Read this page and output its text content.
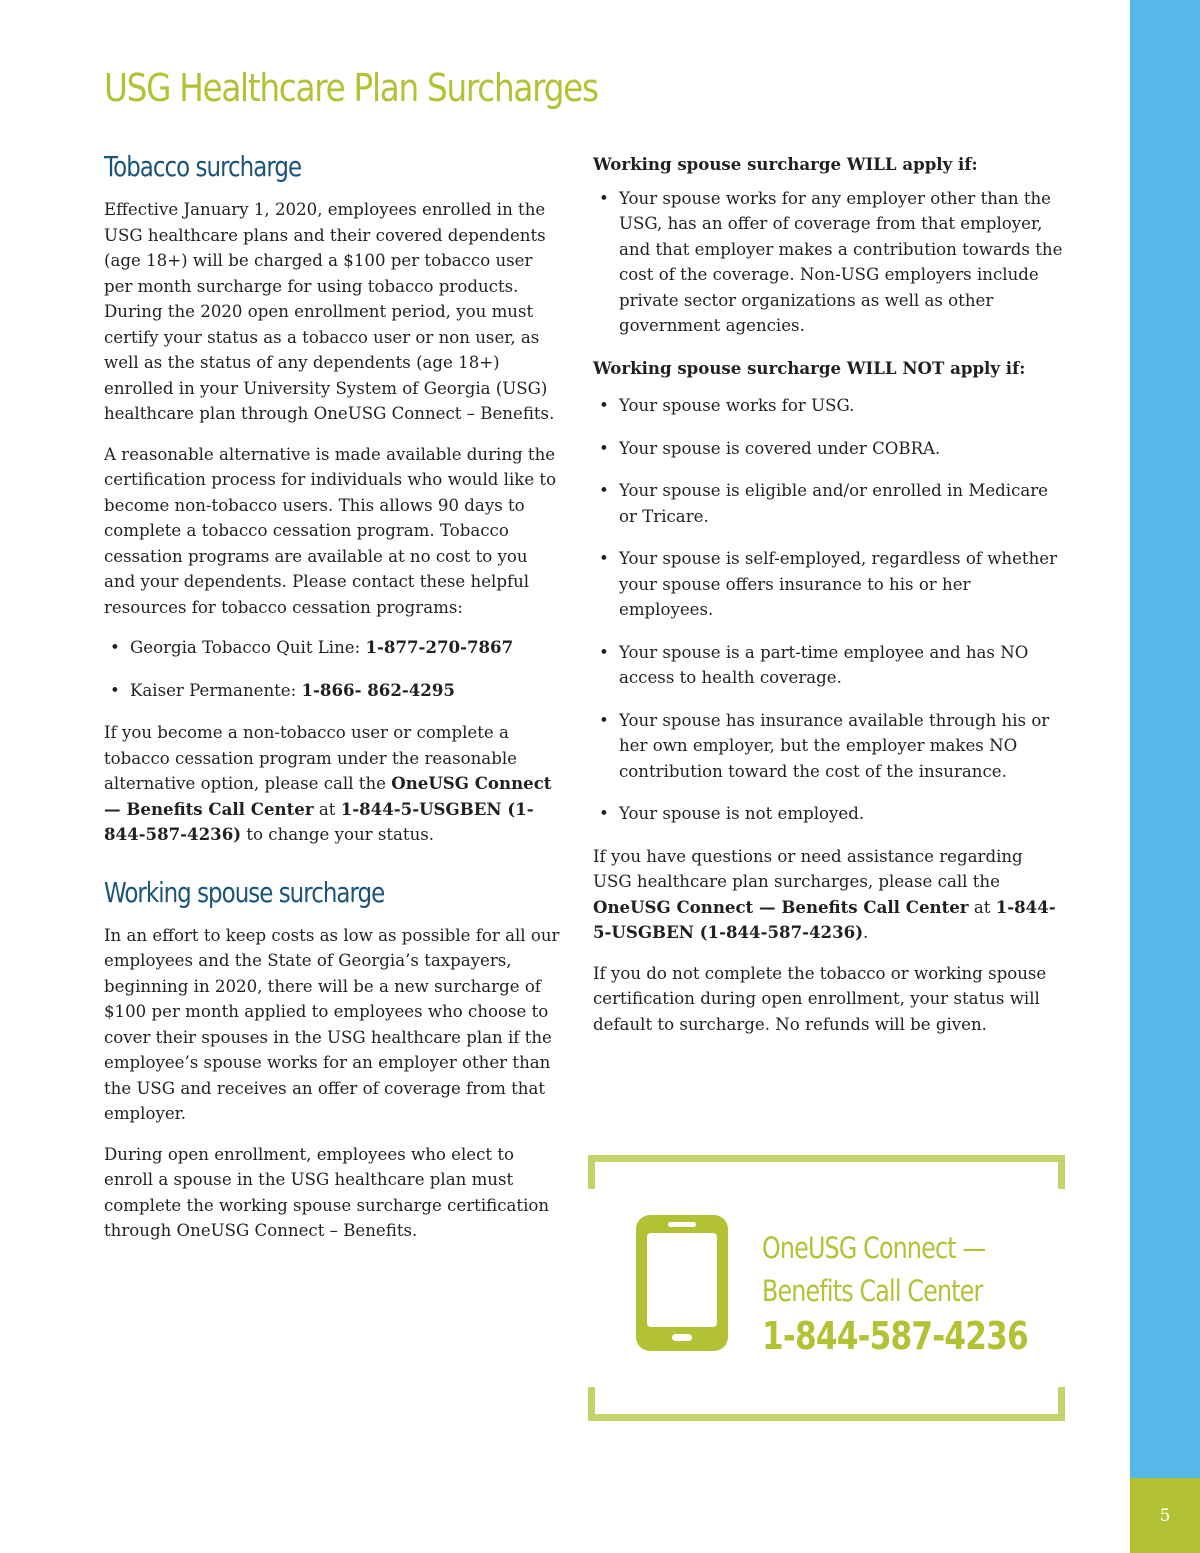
5
USG Healthcare Plan Surcharges
Tobacco surcharge

Effective January 1, 2020, employees enrolled in the USG healthcare plans and their covered dependents (age 18+) will be charged a $100 per tobacco user per month surcharge for using tobacco products. During the 2020 open enrollment period, you must certify your status as a tobacco user or non user, as well as the status of any dependents (age 18+) enrolled in your University System of Georgia (USG) healthcare plan through OneUSG Connect – Benefits.

A reasonable alternative is made available during the certification process for individuals who would like to become non-tobacco users. This allows 90 days to complete a tobacco cessation program. Tobacco cessation programs are available at no cost to you and your dependents. Please contact these helpful resources for tobacco cessation programs:

• Georgia Tobacco Quit Line: 1-877-270-7867
• Kaiser Permanente: 1-866- 862-4295

If you become a non-tobacco user or complete a tobacco cessation program under the reasonable alternative option, please call the OneUSG Connect — Benefits Call Center at 1-844-5-USGBEN (1-844-587-4236) to change your status.

Working spouse surcharge

In an effort to keep costs as low as possible for all our employees and the State of Georgia’s taxpayers, beginning in 2020, there will be a new surcharge of $100 per month applied to employees who choose to cover their spouses in the USG healthcare plan if the employee’s spouse works for an employer other than the USG and receives an offer of coverage from that employer.

During open enrollment, employees who elect to enroll a spouse in the USG healthcare plan must complete the working spouse surcharge certification through OneUSG Connect – Benefits.

Working spouse surcharge WILL apply if:

• Your spouse works for any employer other than the USG, has an offer of coverage from that employer, and that employer makes a contribution towards the cost of the coverage. Non-USG employers include private sector organizations as well as other government agencies.

Working spouse surcharge WILL NOT apply if:

• Your spouse works for USG.
• Your spouse is covered under COBRA.
• Your spouse is eligible and/or enrolled in Medicare or Tricare.
• Your spouse is self-employed, regardless of whether your spouse offers insurance to his or her employees.
• Your spouse is a part-time employee and has NO access to health coverage.
• Your spouse has insurance available through his or her own employer, but the employer makes NO contribution toward the cost of the insurance.
• Your spouse is not employed.

If you have questions or need assistance regarding USG healthcare plan surcharges, please call the OneUSG Connect — Benefits Call Center at 1-844-5-USGBEN (1-844-587-4236).

If you do not complete the tobacco or working spouse certification during open enrollment, your status will default to surcharge. No refunds will be given.

OneUSG Connect —
Benefits Call Center
1-844-587-4236
